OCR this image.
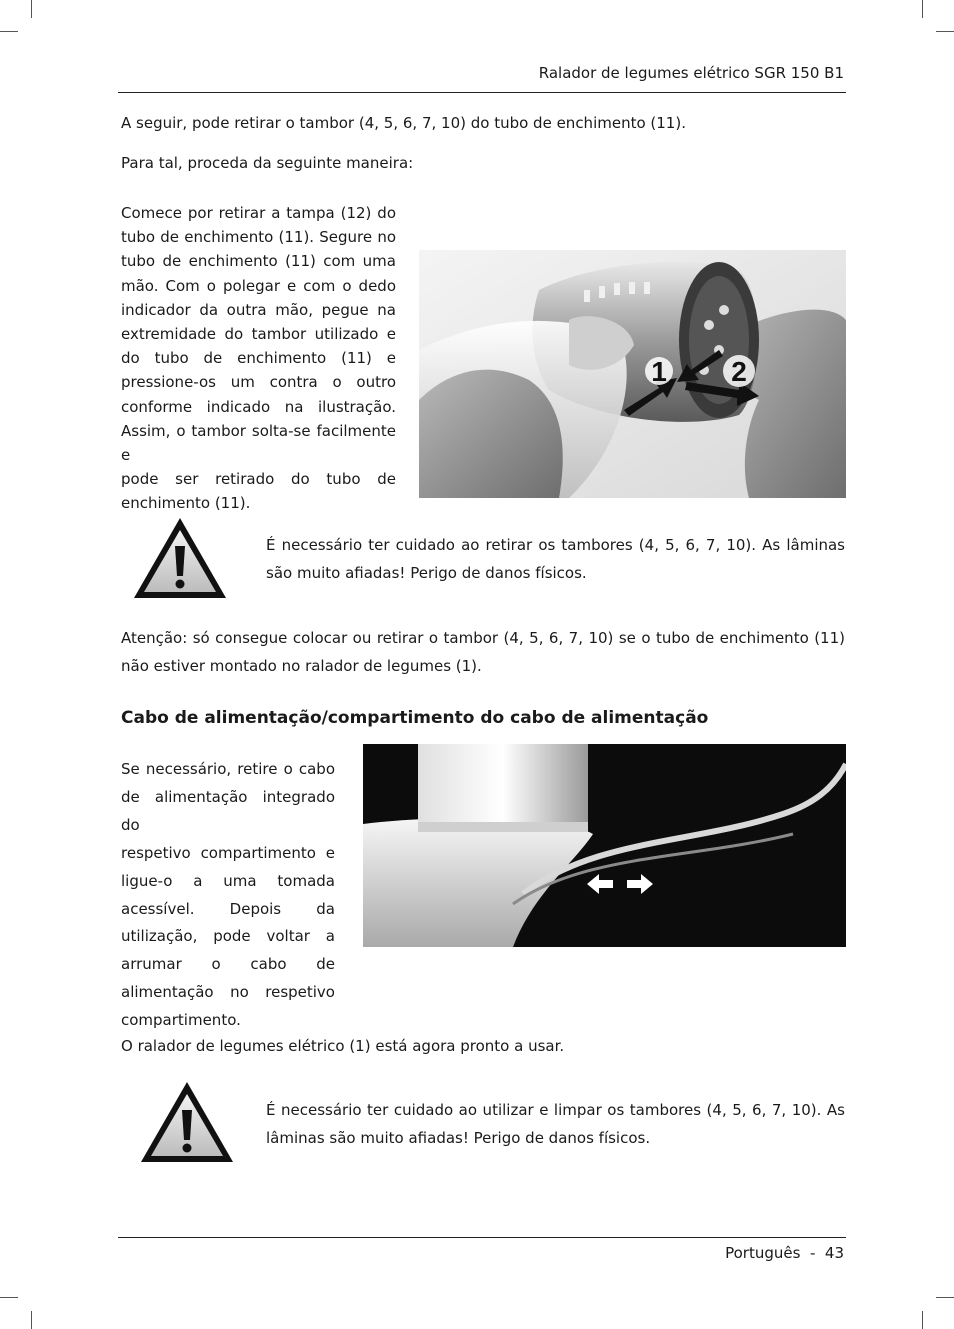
Ralador de legumes elétrico SGR 150 B1

A seguir, pode retirar o tambor (4, 5, 6, 7, 10) do tubo de enchimento (11).

Para tal, proceda da seguinte maneira:

Comece por retirar a tampa (12) do
tubo de enchimento (11). Segure no
tubo de enchimento (11) com uma
mão. Com o polegar e com o dedo
indicador da outra mão, pegue na
extremidade do tambor utilizado e
do tubo de enchimento (11) e
pressione-os um contra o outro
conforme indicado na ilustração.
Assim, o tambor solta-se facilmente e
pode ser retirado do tubo de
enchimento (11).
1 2

É necessário ter cuidado ao retirar os tambores (4, 5, 6, 7, 10). As lâminas são muito afiadas! Perigo de danos físicos.

Atenção: só consegue colocar ou retirar o tambor (4, 5, 6, 7, 10) se o tubo de enchimento (11) não estiver montado no ralador de legumes (1).

Cabo de alimentação/compartimento do cabo de alimentação
Se necessário, retire o cabo
de alimentação integrado do
respetivo compartimento e
ligue-o a uma tomada
acessível. Depois da
utilização, pode voltar a
arrumar o cabo de
alimentação no respetivo
compartimento.

O ralador de legumes elétrico (1) está agora pronto a usar.

É necessário ter cuidado ao utilizar e limpar os tambores (4, 5, 6, 7, 10). As lâminas são muito afiadas! Perigo de danos físicos.

Português  -  43
